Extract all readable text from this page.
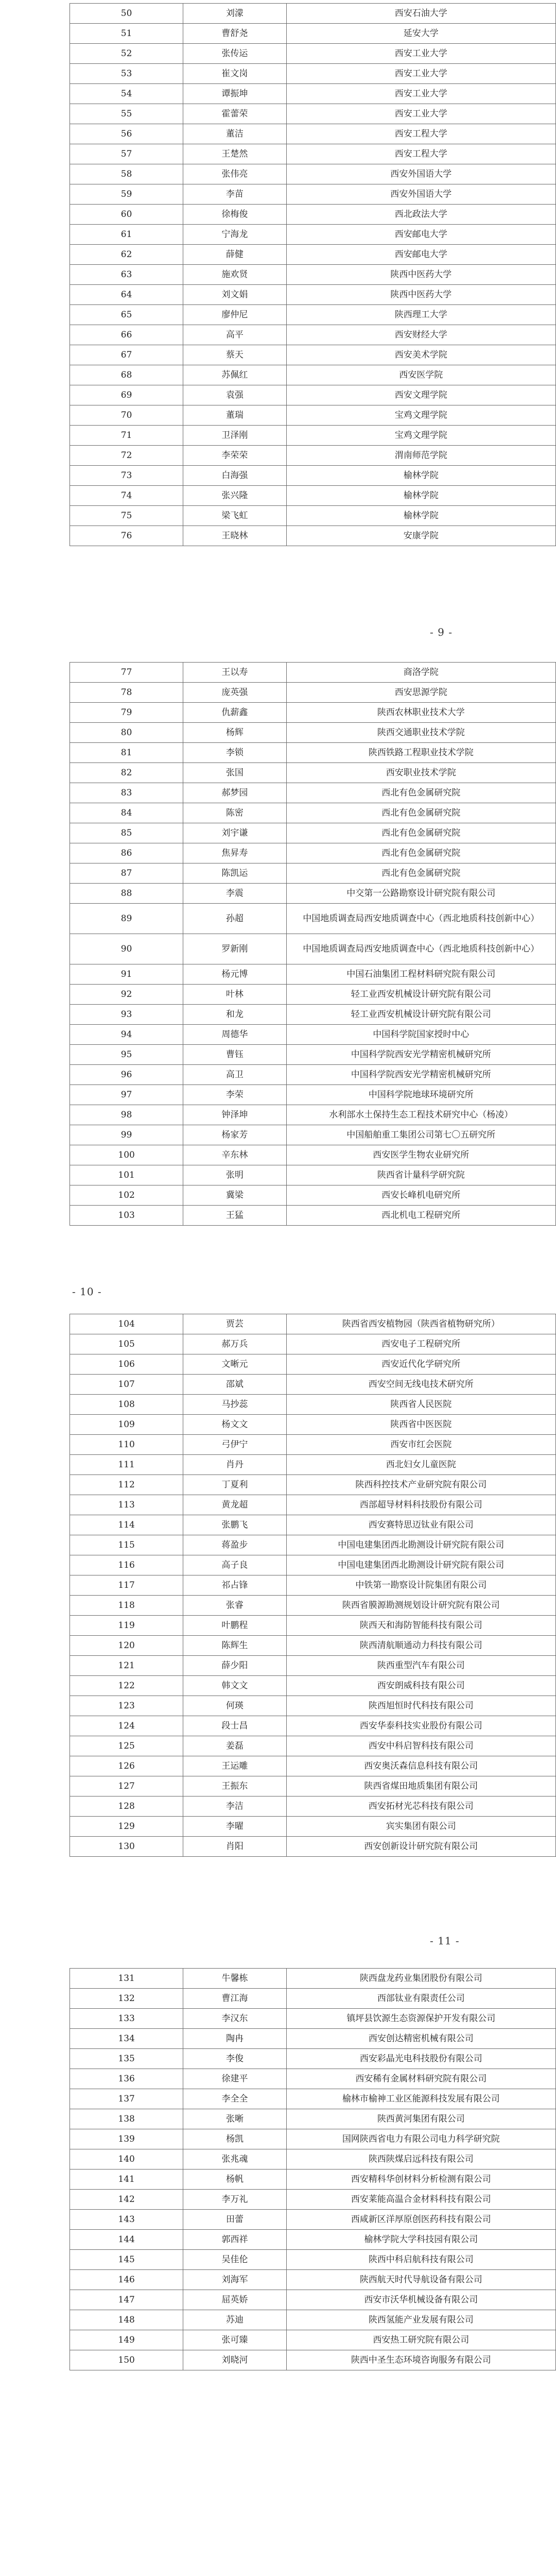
50	刘濛	西安石油大学
51	曹舒尧	延安大学
52	张传运	西安工业大学
53	崔文岗	西安工业大学
54	谭振坤	西安工业大学
55	霍蕾荣	西安工业大学
56	董洁	西安工程大学
57	王楚然	西安工程大学
58	张伟亮	西安外国语大学
59	李苗	西安外国语大学
60	徐梅俊	西北政法大学
61	宁海龙	西安邮电大学
62	薛健	西安邮电大学
63	施欢贤	陕西中医药大学
64	刘文娟	陕西中医药大学
65	廖仲尼	陕西理工大学
66	高平	西安财经大学
67	蔡天	西安美术学院
68	苏佩红	西安医学院
69	袁强	西安文理学院
70	董瑞	宝鸡文理学院
71	卫泽刚	宝鸡文理学院
72	李荣荣	渭南师范学院
73	白海强	榆林学院
74	张兴隆	榆林学院
75	梁飞虹	榆林学院
76	王晓林	安康学院
- 9 -
77	王以寿	商洛学院
78	庞英强	西安思源学院
79	仇薪鑫	陕西农林职业技术大学
80	杨辉	陕西交通职业技术学院
81	李锁	陕西铁路工程职业技术学院
82	张国	西安职业技术学院
83	郝梦园	西北有色金属研究院
84	陈密	西北有色金属研究院
85	刘宇谦	西北有色金属研究院
86	焦昇寿	西北有色金属研究院
87	陈凯运	西北有色金属研究院
88	李震	中交第一公路勘察设计研究院有限公司
89	孙超	中国地质调查局西安地质调查中心（西北地质科技创新中心）
90	罗新刚	中国地质调查局西安地质调查中心（西北地质科技创新中心）
91	杨元博	中国石油集团工程材料研究院有限公司
92	叶林	轻工业西安机械设计研究院有限公司
93	和龙	轻工业西安机械设计研究院有限公司
94	周德华	中国科学院国家授时中心
95	曹钰	中国科学院西安光学精密机械研究所
96	高卫	中国科学院西安光学精密机械研究所
97	李荣	中国科学院地球环境研究所
98	钟泽坤	水利部水土保持生态工程技术研究中心（杨凌）
99	杨家芳	中国船舶重工集团公司第七〇五研究所
100	辛东林	西安医学生物农业研究所
101	张明	陕西省计量科学研究院
102	冀梁	西安长峰机电研究所
103	王猛	西北机电工程研究所
- 10 -
104	贾芸	陕西省西安植物园（陕西省植物研究所）
105	郝万兵	西安电子工程研究所
106	文晰元	西安近代化学研究所
107	邵斌	西安空间无线电技术研究所
108	马抄蕊	陕西省人民医院
109	杨文文	陕西省中医医院
110	弓伊宁	西安市红会医院
111	肖丹	西北妇女儿童医院
112	丁夏利	陕西科控技术产业研究院有限公司
113	黄龙超	西部超导材料科技股份有限公司
114	张鹏飞	西安赛特思迈钛业有限公司
115	蒋盈步	中国电建集团西北勘测设计研究院有限公司
116	高子良	中国电建集团西北勘测设计研究院有限公司
117	祁占锋	中铁第一勘察设计院集团有限公司
118	张睿	陕西省膜源勘测规划设计研究院有限公司
119	叶鹏程	陕西天和海防智能科技有限公司
120	陈辉生	陕西清航顺通动力科技有限公司
121	薛少阳	陕西重型汽车有限公司
122	韩文文	西安朗威科技有限公司
123	何瑛	陕西旭恒时代科技有限公司
124	段士昌	西安华泰科技实业股份有限公司
125	姜磊	西安中科启智科技有限公司
126	王运雕	西安奥沃森信息科技有限公司
127	王振东	陕西省煤田地质集团有限公司
128	李洁	西安拓材光芯科技有限公司
129	李曜	宾实集团有限公司
130	肖阳	西安创新设计研究院有限公司
- 11 -
131	牛馨栋	陕西盘龙药业集团股份有限公司
132	曹江海	西部钛业有限责任公司
133	李汉东	镇坪县饮源生态资源保护开发有限公司
134	陶冉	西安创达精密机械有限公司
135	李俊	西安彩晶光电科技股份有限公司
136	徐建平	西安稀有金属材料研究院有限公司
137	李全全	榆林市榆神工业区能源科技发展有限公司
138	张晰	陕西黄河集团有限公司
139	杨凯	国网陕西省电力有限公司电力科学研究院
140	张兆魂	陕西陕煤启远科技有限公司
141	杨帆	西安精科华创材料分析检测有限公司
142	李万礼	西安莱能高温合金材料科技有限公司
143	田蕾	西咸新区洋厚原创医药科技有限公司
144	郭西祥	榆林学院大学科技园有限公司
145	吴佳伦	陕西中科启航科技有限公司
146	刘海军	陕西航天时代导航设备有限公司
147	屈英娇	西安市沃华机械设备有限公司
148	苏迪	陕西氢能产业发展有限公司
149	张可臻	西安热工研究院有限公司
150	刘晓河	陕西中圣生态环境咨询服务有限公司
